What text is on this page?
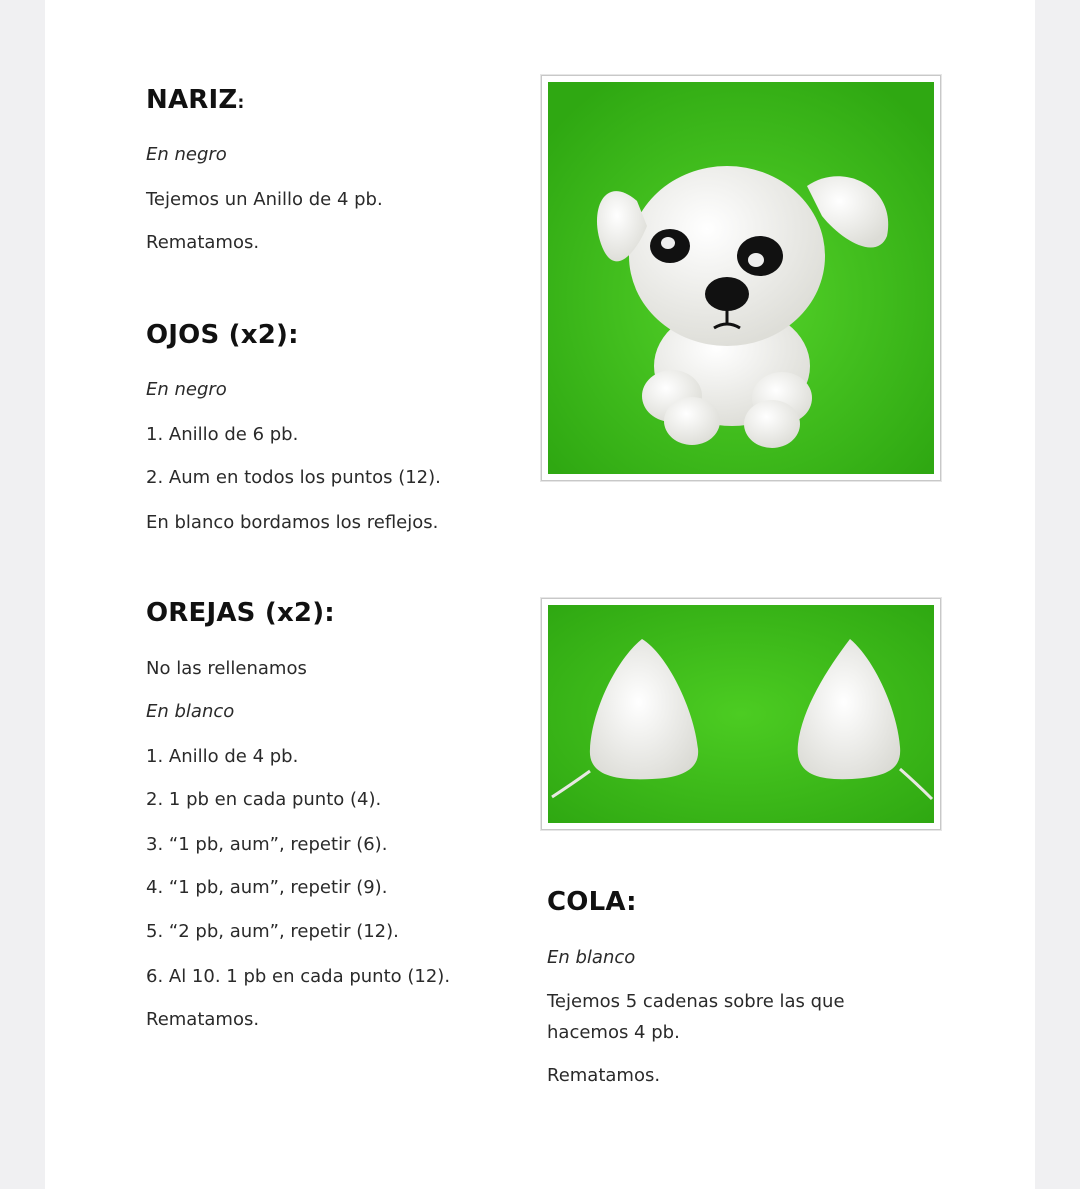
NARIZ:

En negro

Tejemos un Anillo de 4 pb.

Rematamos.

OJOS (x2):

En negro

1. Anillo de 6 pb.

2. Aum en todos los puntos (12).

En blanco bordamos los reflejos.

OREJAS (x2):

No las rellenamos

En blanco

1. Anillo de 4 pb.

2. 1 pb en cada punto (4).

3. “1 pb, aum”, repetir (6).

4. “1 pb, aum”, repetir (9).

5. “2 pb, aum”, repetir (12).

6. Al 10. 1 pb en cada punto (12).

Rematamos.

COLA:

En blanco

Tejemos 5 cadenas sobre las que

hacemos 4 pb.

Rematamos.
